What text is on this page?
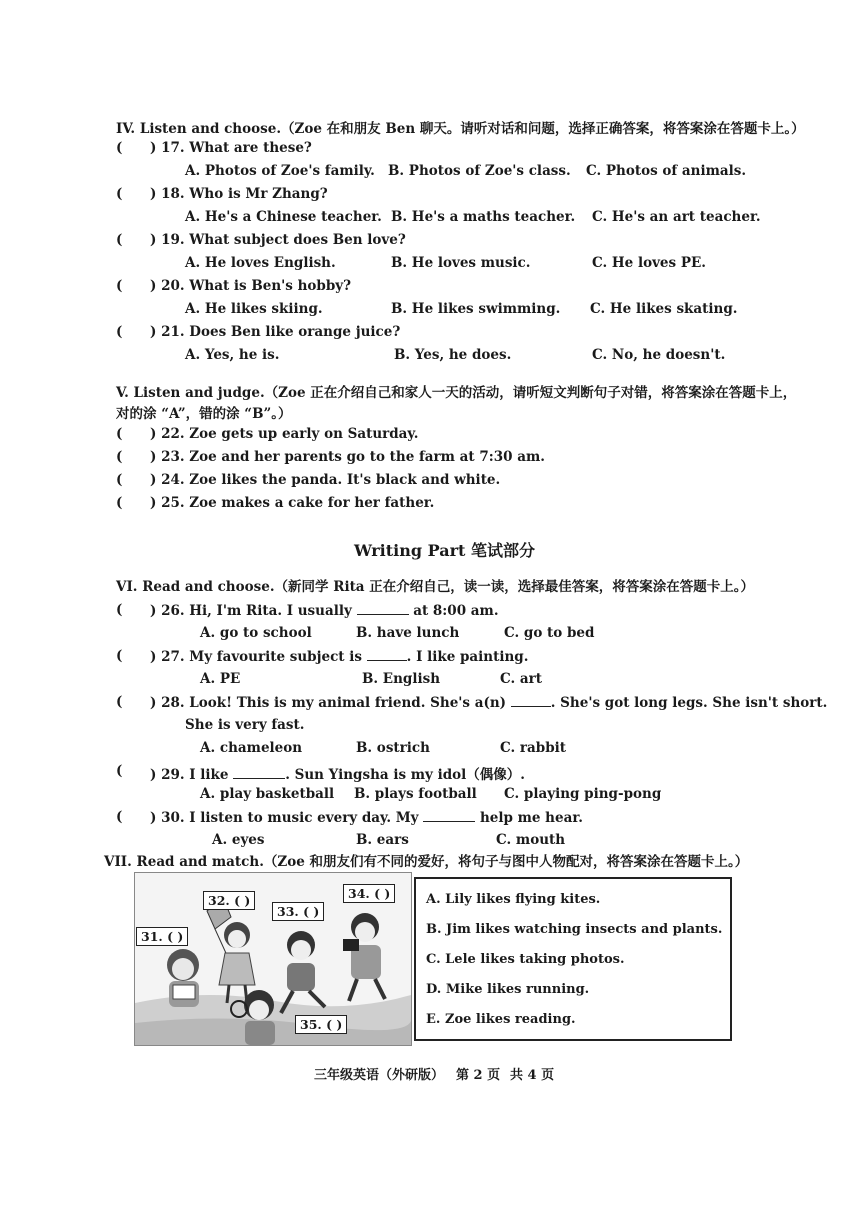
IV. Listen and choose.（Zoe 在和朋友 Ben 聊天。请听对话和问题，选择正确答案，将答案涂在答题卡上。）
( ) 17. What are these?
A. Photos of Zoe's family. B. Photos of Zoe's class. C. Photos of animals.
( ) 18. Who is Mr Zhang?
A. He's a Chinese teacher. B. He's a maths teacher. C. He's an art teacher.
( ) 19. What subject does Ben love?
A. He loves English.	B. He loves music.	C. He loves PE.
( ) 20. What is Ben's hobby?
A. He likes skiing.	B. He likes swimming. C. He likes skating.
( ) 21. Does Ben like orange juice?
A. Yes, he is.	B. Yes, he does.	C. No, he doesn't.
V. Listen and judge.（Zoe 正在介绍自己和家人一天的活动，请听短文判断句子对错，将答案涂在答题卡上，
对的涂 “A”，错的涂 “B”。）
( ) 22. Zoe gets up early on Saturday.
( ) 23. Zoe and her parents go to the farm at 7:30 am.
( ) 24. Zoe likes the panda. It's black and white.
( ) 25. Zoe makes a cake for her father.
Writing Part 笔试部分
VI. Read and choose.（新同学 Rita 正在介绍自己，读一读，选择最佳答案，将答案涂在答题卡上。）
( ) 26. Hi, I'm Rita. I usually	at 8:00 am.
A. go to school	B. have lunch	C. go to bed
( ) 27. My favourite subject is	. I like painting.
A. PE	B. English	C. art
( ) 28. Look! This is my animal friend. She's a(n)	. She's got long legs. She isn't short.
She is very fast.
A. chameleon	B. ostrich	C. rabbit
( ) 29. I like	. Sun Yingsha is my idol（偶像）.
A. play basketball B. plays football C. playing ping-pong
( ) 30. I listen to music every day. My	help me hear.
A. eyes	B. ears	C. mouth
VII. Read and match.（Zoe 和朋友们有不同的爱好，将句子与图中人物配对，将答案涂在答题卡上。）
32. ( )
33. ( )
34. ( )
31. ( )
35. ( )
A. Lily likes flying kites.
B. Jim likes watching insects and plants.
C. Lele likes taking photos.
D. Mike likes running.
E. Zoe likes reading.
三年级英语（外研版） 第 2 页 共 4 页
